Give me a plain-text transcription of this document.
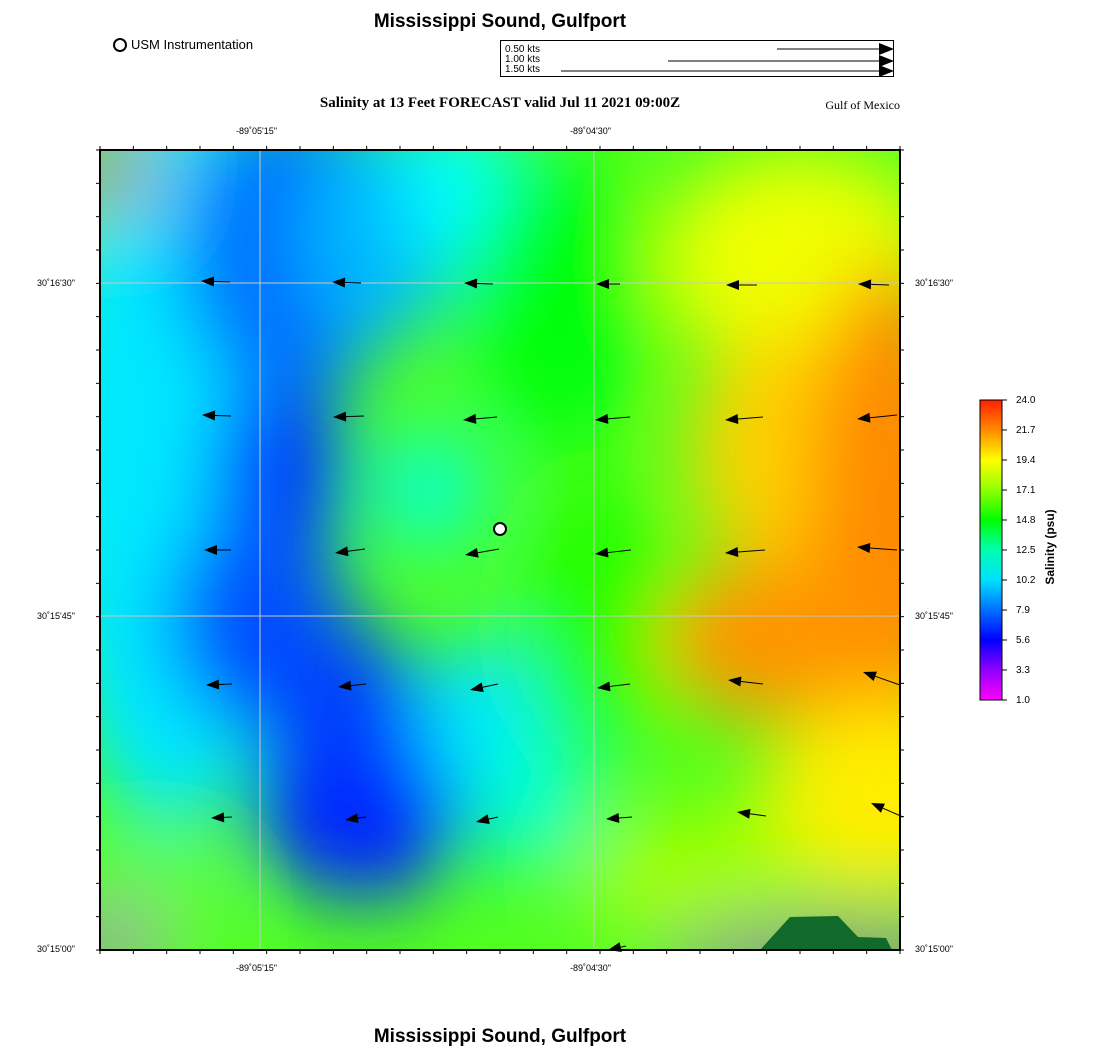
Mississippi Sound, Gulfport
USM Instrumentation	0.50 kts
1.00 kts
1.50 kts
Salinity at 13 Feet FORECAST valid Jul 11 2021 09:00Z	Gulf of Mexico
-89˚05'15"	-89˚04'30"
-89˚05'15"	-89˚04'30"
30˚16'30"
30˚15'45"
30˚15'00"
30˚16'30"
30˚15'45"
30˚15'00"
24.0
21.7
19.4
17.1
14.8
12.5
10.2
7.9
5.6
3.3
1.0
Salinity (psu)
Mississippi Sound, Gulfport
